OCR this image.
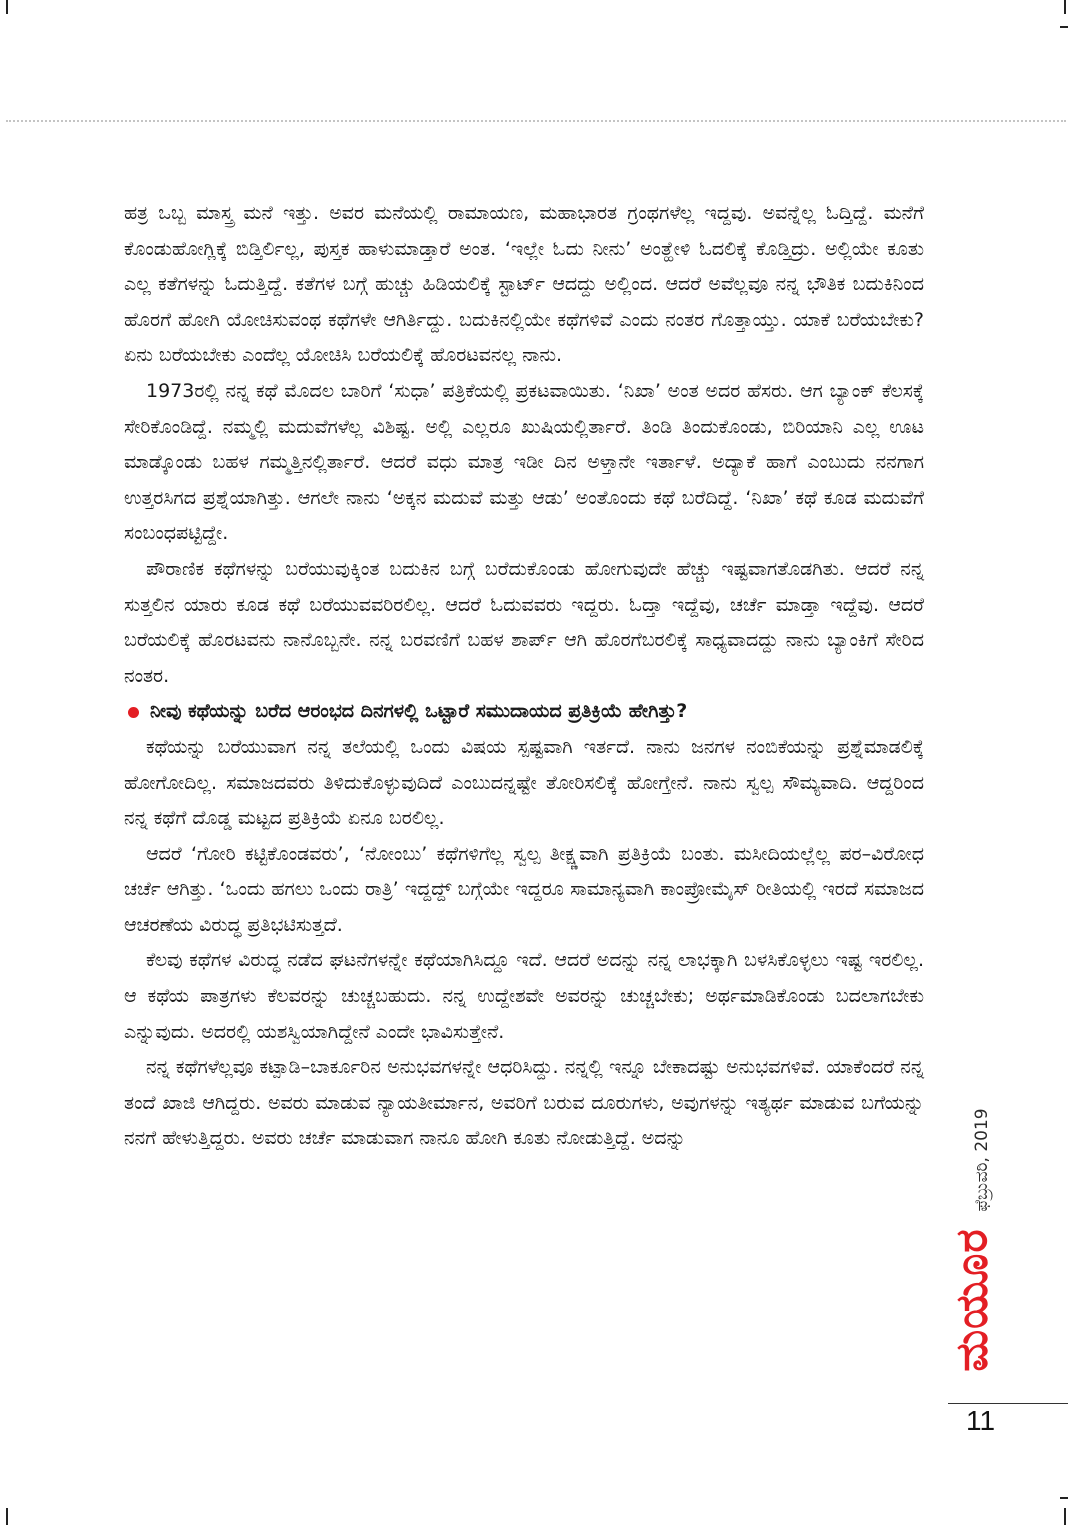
ಹತ್ರ ಒಬ್ಬ ಮಾಸ್ತ್ರ ಮನೆ ಇತ್ತು. ಅವರ ಮನೆಯಲ್ಲಿ ರಾಮಾಯಣ, ಮಹಾಭಾರತ ಗ್ರಂಥಗಳೆಲ್ಲ ಇದ್ದವು. ಅವನ್ನೆಲ್ಲ ಓದ್ತಿದ್ದೆ. ಮನೆಗೆ ಕೊಂಡುಹೋಗ್ಲಿಕ್ಕೆ ಬಿಡ್ತಿರ್ಲಿಲ್ಲ, ಪುಸ್ತಕ ಹಾಳುಮಾಡ್ತಾರೆ ಅಂತ. ‘ಇಲ್ಲೇ ಓದು ನೀನು’ ಅಂತ್ಹೇಳಿ ಓದಲಿಕ್ಕೆ ಕೊಡ್ತಿದ್ರು. ಅಲ್ಲಿಯೇ ಕೂತು ಎಲ್ಲ ಕತೆಗಳನ್ನು ಓದುತ್ತಿದ್ದೆ. ಕತೆಗಳ ಬಗ್ಗೆ ಹುಚ್ಚು ಹಿಡಿಯಲಿಕ್ಕೆ ಸ್ಟಾರ್ಟ್ ಆದದ್ದು ಅಲ್ಲಿಂದ. ಆದರೆ ಅವೆಲ್ಲವೂ ನನ್ನ ಭೌತಿಕ ಬದುಕಿನಿಂದ ಹೊರಗೆ ಹೋಗಿ ಯೋಚಿಸುವಂಥ ಕಥೆಗಳೇ ಆಗಿರ್ತಿದ್ದು. ಬದುಕಿನಲ್ಲಿಯೇ ಕಥೆಗಳಿವೆ ಎಂದು ನಂತರ ಗೊತ್ತಾಯ್ತು. ಯಾಕೆ ಬರೆಯಬೇಕು? ಏನು ಬರೆಯಬೇಕು ಎಂದೆಲ್ಲ ಯೋಚಿಸಿ ಬರೆಯಲಿಕ್ಕೆ ಹೊರಟವನಲ್ಲ ನಾನು.

1973ರಲ್ಲಿ ನನ್ನ ಕಥೆ ಮೊದಲ ಬಾರಿಗೆ ‘ಸುಧಾ’ ಪತ್ರಿಕೆಯಲ್ಲಿ ಪ್ರಕಟವಾಯಿತು. ‘ನಿಖಾ’ ಅಂತ ಅದರ ಹೆಸರು. ಆಗ ಬ್ಯಾಂಕ್ ಕೆಲಸಕ್ಕೆ ಸೇರಿಕೊಂಡಿದ್ದೆ. ನಮ್ಮಲ್ಲಿ ಮದುವೆಗಳೆಲ್ಲ ವಿಶಿಷ್ಟ. ಅಲ್ಲಿ ಎಲ್ಲರೂ ಖುಷಿಯಲ್ಲಿರ್ತಾರೆ. ತಿಂಡಿ ತಿಂದುಕೊಂಡು, ಬಿರಿಯಾನಿ ಎಲ್ಲ ಊಟ ಮಾಡ್ಕೊಂಡು ಬಹಳ ಗಮ್ಮತ್ತಿನಲ್ಲಿರ್ತಾರೆ. ಆದರೆ ವಧು ಮಾತ್ರ ಇಡೀ ದಿನ ಅಳ್ತಾನೇ ಇರ್ತಾಳೆ. ಅದ್ಯಾಕೆ ಹಾಗೆ ಎಂಬುದು ನನಗಾಗ ಉತ್ತರಸಿಗದ ಪ್ರಶ್ನೆಯಾಗಿತ್ತು. ಆಗಲೇ ನಾನು ‘ಅಕ್ಕನ ಮದುವೆ ಮತ್ತು ಆಡು’ ಅಂತೊಂದು ಕಥೆ ಬರೆದಿದ್ದೆ. ‘ನಿಖಾ’ ಕಥೆ ಕೂಡ ಮದುವೆಗೆ ಸಂಬಂಧಪಟ್ಟಿದ್ದೇ.

ಪೌರಾಣಿಕ ಕಥೆಗಳನ್ನು ಬರೆಯುವುಕ್ಕಿಂತ ಬದುಕಿನ ಬಗ್ಗೆ ಬರೆದುಕೊಂಡು ಹೋಗುವುದೇ ಹೆಚ್ಚು ಇಷ್ಟವಾಗತೊಡಗಿತು. ಆದರೆ ನನ್ನ ಸುತ್ತಲಿನ ಯಾರು ಕೂಡ ಕಥೆ ಬರೆಯುವವರಿರಲಿಲ್ಲ. ಆದರೆ ಓದುವವರು ಇದ್ದರು. ಓದ್ತಾ ಇದ್ದೆವು, ಚರ್ಚೆ ಮಾಡ್ತಾ ಇದ್ದೆವು. ಆದರೆ ಬರೆಯಲಿಕ್ಕೆ ಹೊರಟವನು ನಾನೊಬ್ಬನೇ. ನನ್ನ ಬರವಣಿಗೆ ಬಹಳ ಶಾರ್ಪ್ ಆಗಿ ಹೊರಗೆಬರಲಿಕ್ಕೆ ಸಾಧ್ಯವಾದದ್ದು ನಾನು ಬ್ಯಾಂಕಿಗೆ ಸೇರಿದ ನಂತರ.

ನೀವು ಕಥೆಯನ್ನು ಬರೆದ ಆರಂಭದ ದಿನಗಳಲ್ಲಿ ಒಟ್ಟಾರೆ ಸಮುದಾಯದ ಪ್ರತಿಕ್ರಿಯೆ ಹೇಗಿತ್ತು?

ಕಥೆಯನ್ನು ಬರೆಯುವಾಗ ನನ್ನ ತಲೆಯಲ್ಲಿ ಒಂದು ವಿಷಯ ಸ್ಪಷ್ಟವಾಗಿ ಇರ್ತದೆ. ನಾನು ಜನಗಳ ನಂಬಿಕೆಯನ್ನು ಪ್ರಶ್ನೆಮಾಡಲಿಕ್ಕೆ ಹೋಗೋದಿಲ್ಲ. ಸಮಾಜದವರು ತಿಳಿದುಕೊಳ್ಳುವುದಿದೆ ಎಂಬುದನ್ನಷ್ಟೇ ತೋರಿಸಲಿಕ್ಕೆ ಹೋಗ್ತೇನೆ. ನಾನು ಸ್ವಲ್ಪ ಸೌಮ್ಯವಾದಿ. ಆದ್ದರಿಂದ ನನ್ನ ಕಥೆಗೆ ದೊಡ್ಡ ಮಟ್ಟದ ಪ್ರತಿಕ್ರಿಯೆ ಏನೂ ಬರಲಿಲ್ಲ.

ಆದರೆ ‘ಗೋರಿ ಕಟ್ಟಿಕೊಂಡವರು’, ‘ನೋಂಬು’ ಕಥೆಗಳಿಗೆಲ್ಲ ಸ್ವಲ್ಪ ತೀಕ್ಷ್ಣವಾಗಿ ಪ್ರತಿಕ್ರಿಯೆ ಬಂತು. ಮಸೀದಿಯಲ್ಲೆಲ್ಲ ಪರ–ವಿರೋಧ ಚರ್ಚೆ ಆಗಿತ್ತು. ‘ಒಂದು ಹಗಲು ಒಂದು ರಾತ್ರಿ’ ಇದ್ದದ್ದ್ ಬಗ್ಗೆಯೇ ಇದ್ದರೂ ಸಾಮಾನ್ಯವಾಗಿ ಕಾಂಪ್ರೋಮೈಸ್ ರೀತಿಯಲ್ಲಿ ಇರದೆ ಸಮಾಜದ ಆಚರಣೆಯ ವಿರುದ್ಧ ಪ್ರತಿಭಟಿಸುತ್ತದೆ.

ಕೆಲವು ಕಥೆಗಳ ವಿರುದ್ಧ ನಡೆದ ಘಟನೆಗಳನ್ನೇ ಕಥೆಯಾಗಿಸಿದ್ದೂ ಇದೆ. ಆದರೆ ಅದನ್ನು ನನ್ನ ಲಾಭಕ್ಕಾಗಿ ಬಳಸಿಕೊಳ್ಳಲು ಇಷ್ಟ ಇರಲಿಲ್ಲ. ಆ ಕಥೆಯ ಪಾತ್ರಗಳು ಕೆಲವರನ್ನು ಚುಚ್ಚಬಹುದು. ನನ್ನ ಉದ್ದೇಶವೇ ಅವರನ್ನು ಚುಚ್ಚಬೇಕು; ಅರ್ಥಮಾಡಿಕೊಂಡು ಬದಲಾಗಬೇಕು ಎನ್ನುವುದು. ಅದರಲ್ಲಿ ಯಶಸ್ವಿಯಾಗಿದ್ದೇನೆ ಎಂದೇ ಭಾವಿಸುತ್ತೇನೆ.

ನನ್ನ ಕಥೆಗಳೆಲ್ಲವೂ ಕಟ್ಪಾಡಿ–ಬಾರ್ಕೂರಿನ ಅನುಭವಗಳನ್ನೇ ಆಧರಿಸಿದ್ದು. ನನ್ನಲ್ಲಿ ಇನ್ನೂ ಬೇಕಾದಷ್ಟು ಅನುಭವಗಳಿವೆ. ಯಾಕೆಂದರೆ ನನ್ನ ತಂದೆ ಖಾಜಿ ಆಗಿದ್ದರು. ಅವರು ಮಾಡುವ ನ್ಯಾಯತೀರ್ಮಾನ, ಅವರಿಗೆ ಬರುವ ದೂರುಗಳು, ಅವುಗಳನ್ನು ಇತ್ಯರ್ಥ ಮಾಡುವ ಬಗೆಯನ್ನು ನನಗೆ ಹೇಳುತ್ತಿದ್ದರು. ಅವರು ಚರ್ಚೆ ಮಾಡುವಾಗ ನಾನೂ ಹೋಗಿ ಕೂತು ನೋಡುತ್ತಿದ್ದೆ. ಅದನ್ನು	ಫೆಬ್ರುವರಿ, 2019
ಮಯೂರ
11
